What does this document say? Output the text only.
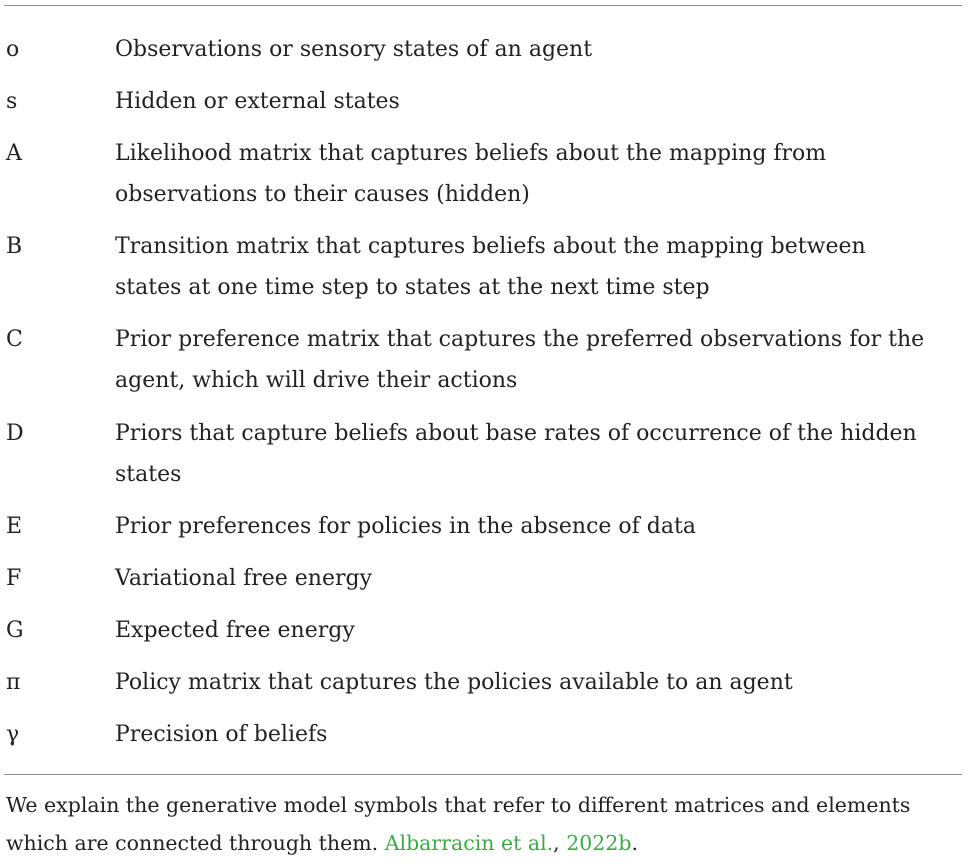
o	Observations or sensory states of an agent
s	Hidden or external states
A	Likelihood matrix that captures beliefs about the mapping from
observations to their causes (hidden)
B	Transition matrix that captures beliefs about the mapping between
states at one time step to states at the next time step
C	Prior preference matrix that captures the preferred observations for the
agent, which will drive their actions
D	Priors that capture beliefs about base rates of occurrence of the hidden
states
E	Prior preferences for policies in the absence of data
F	Variational free energy
G	Expected free energy
π	Policy matrix that captures the policies available to an agent
γ	Precision of beliefs
We explain the generative model symbols that refer to different matrices and elements
which are connected through them. Albarracin et al., 2022b.
